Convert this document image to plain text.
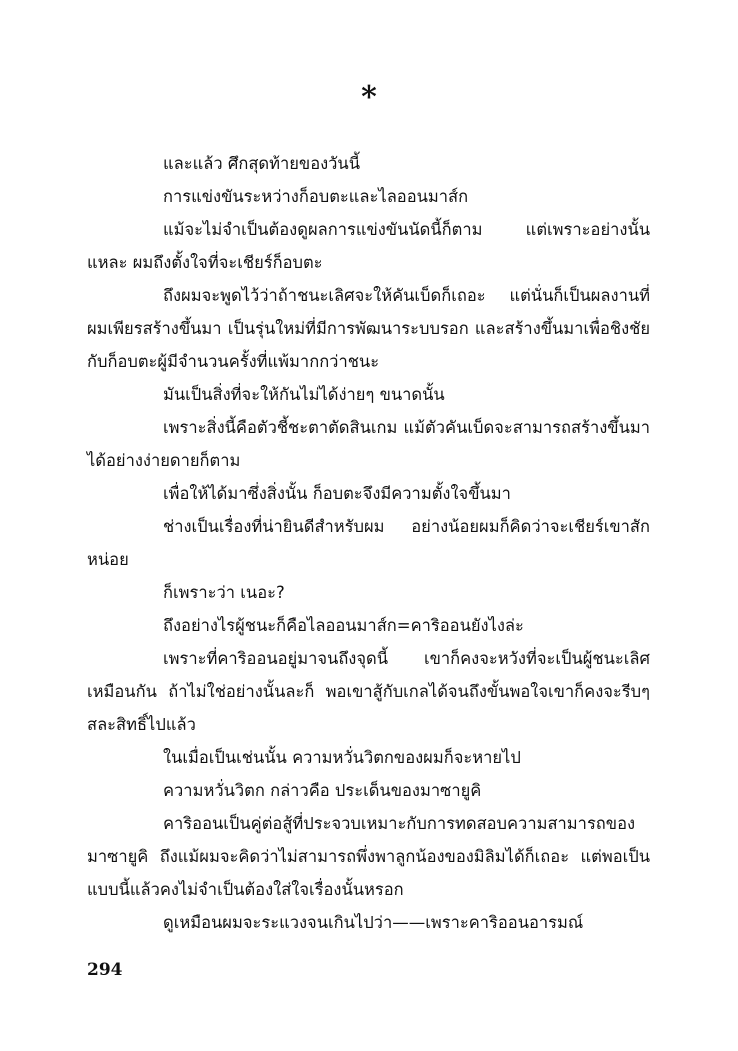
*

และแล้ว ศึกสุดท้ายของวันนี้

การแข่งขันระหว่างก็อบตะและไลออนมาส์ก

แม้จะไม่จำเป็นต้องดูผลการแข่งขันนัดนี้ก็ตาม แต่เพราะอย่างนั้นแหละ ผมถึงตั้งใจที่จะเชียร์ก็อบตะ

ถึงผมจะพูดไว้ว่าถ้าชนะเลิศจะให้คันเบ็ดก็เถอะ แต่นั่นก็เป็นผลงานที่ผมเพียรสร้างขึ้นมา เป็นรุ่นใหม่ที่มีการพัฒนาระบบรอก และสร้างขึ้นมาเพื่อชิงชัยกับก็อบตะผู้มีจำนวนครั้งที่แพ้มากกว่าชนะ

มันเป็นสิ่งที่จะให้กันไม่ได้ง่ายๆ ขนาดนั้น

เพราะสิ่งนี้คือตัวชี้ชะตาตัดสินเกม แม้ตัวคันเบ็ดจะสามารถสร้างขึ้นมาได้อย่างง่ายดายก็ตาม

เพื่อให้ได้มาซึ่งสิ่งนั้น ก็อบตะจึงมีความตั้งใจขึ้นมา

ช่างเป็นเรื่องที่น่ายินดีสำหรับผม อย่างน้อยผมก็คิดว่าจะเชียร์เขาสักหน่อย

ก็เพราะว่า เนอะ?

ถึงอย่างไรผู้ชนะก็คือไลออนมาส์ก=คาริออนยังไงล่ะ

เพราะที่คาริออนอยู่มาจนถึงจุดนี้ เขาก็คงจะหวังที่จะเป็นผู้ชนะเลิศเหมือนกัน ถ้าไม่ใช่อย่างนั้นละก็ พอเขาสู้กับเกลได้จนถึงขั้นพอใจเขาก็คงจะรีบๆ สละสิทธิ์ไปแล้ว

ในเมื่อเป็นเช่นนั้น ความหวั่นวิตกของผมก็จะหายไป

ความหวั่นวิตก กล่าวคือ ประเด็นของมาซายูคิ

คาริออนเป็นคู่ต่อสู้ที่ประจวบเหมาะกับการทดสอบความสามารถของมาซายูคิ ถึงแม้ผมจะคิดว่าไม่สามารถพึ่งพาลูกน้องของมิลิมได้ก็เถอะ แต่พอเป็นแบบนี้แล้วคงไม่จำเป็นต้องใส่ใจเรื่องนั้นหรอก

ดูเหมือนผมจะระแวงจนเกินไปว่า——เพราะคาริออนอารมณ์

294
